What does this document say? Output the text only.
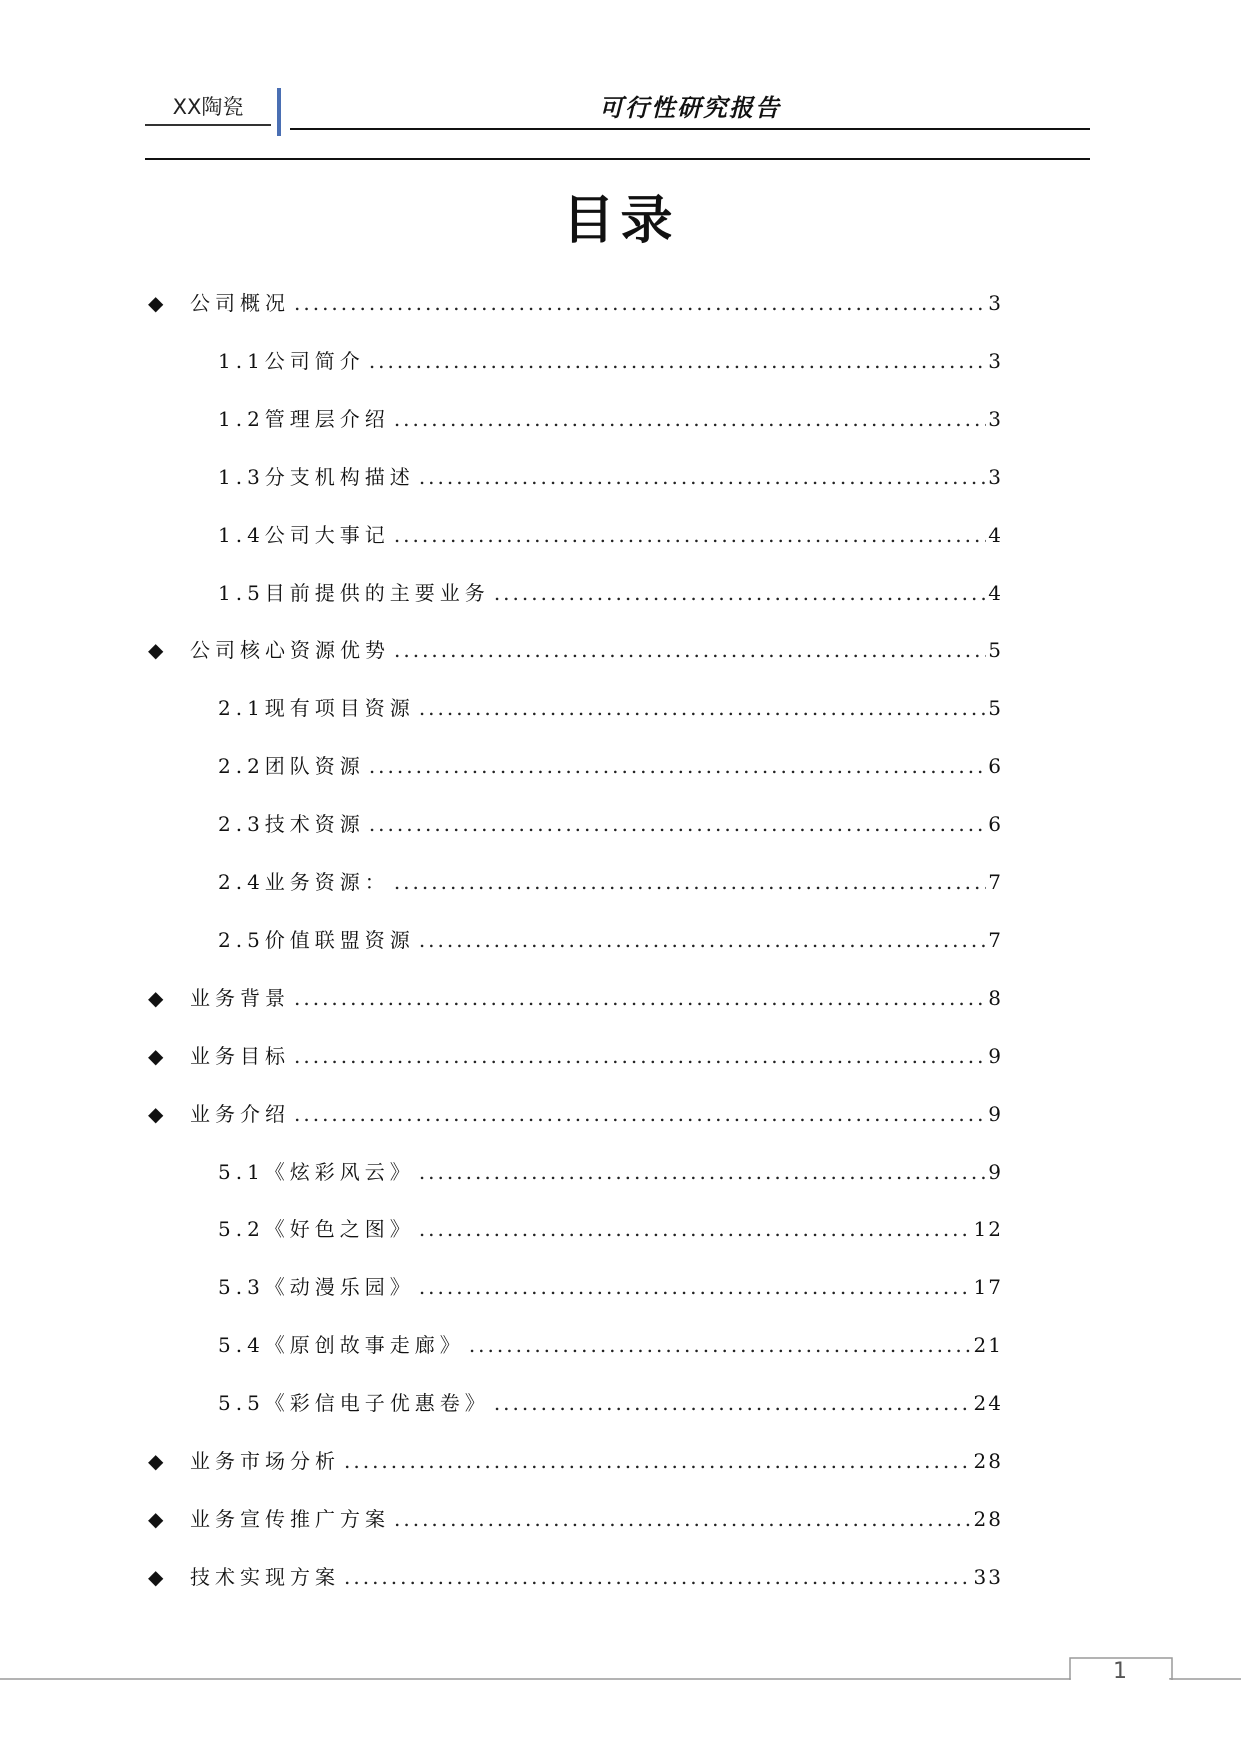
XX陶瓷	可行性研究报告
目录
◆ 公司概况 .....	3
1.1公司简介 .....	3
1.2管理层介绍 .....	3
1.3分支机构描述 .....	3
1.4公司大事记 .....	4
1.5目前提供的主要业务 .....	4
◆ 公司核心资源优势 .....	5
2.1现有项目资源 .....	5
2.2团队资源 .....	6
2.3技术资源 .....	6
2.4业务资源： .....	7
2.5价值联盟资源 .....	7
◆ 业务背景 .....	8
◆ 业务目标 .....	9
◆ 业务介绍 .....	9
5.1《炫彩风云》 .....	9
5.2《好色之图》 .....	12
5.3《动漫乐园》 .....	17
5.4《原创故事走廊》 .....	21
5.5《彩信电子优惠卷》 .....	24
◆ 业务市场分析 .....	28
◆ 业务宣传推广方案 .....	28
◆ 技术实现方案 .....	33
1
